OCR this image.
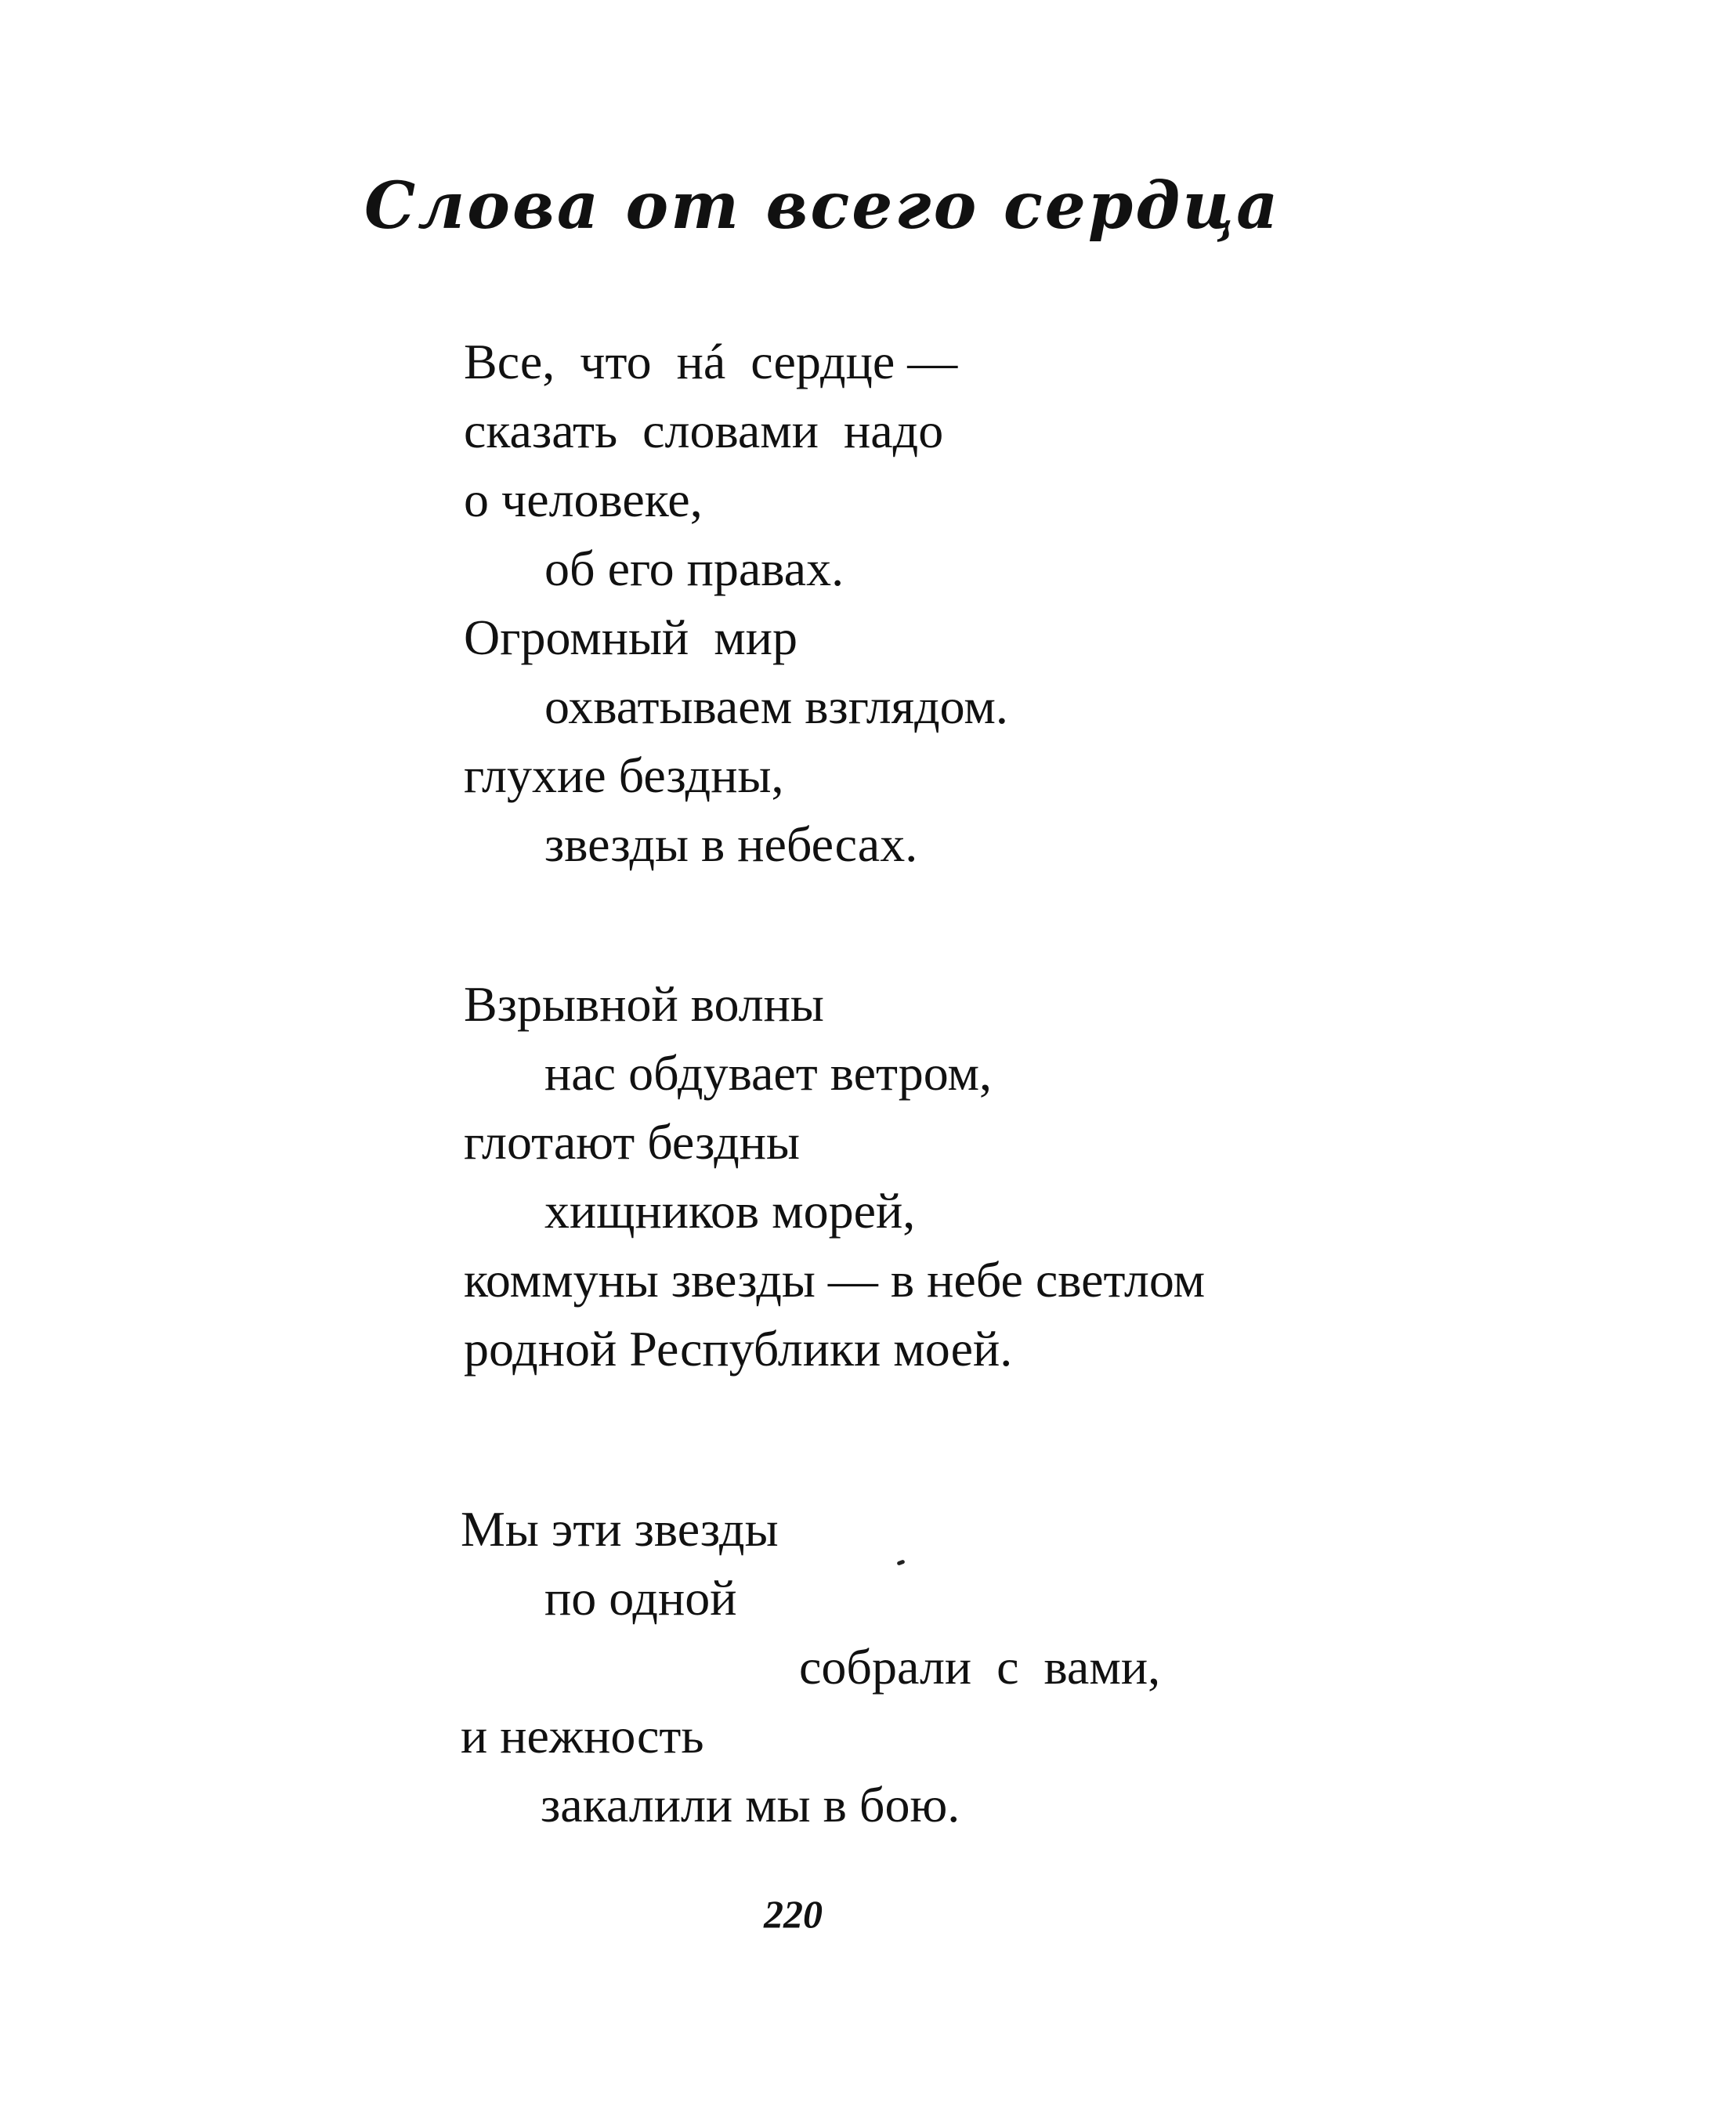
Слова от всего сердца

Все,  что  нá  сердце —

сказать  словами  надо

о человеке,

об его правах.

Огромный  мир

охватываем взглядом.

глухие бездны,

звезды в небесах.

Взрывной волны

нас обдувает ветром,

глотают бездны

хищников морей,

коммуны звезды — в небе светлом

родной Республики моей.

Мы эти звезды

по одной

собрали  с  вами,

и нежность

закалили мы в бою.

220
